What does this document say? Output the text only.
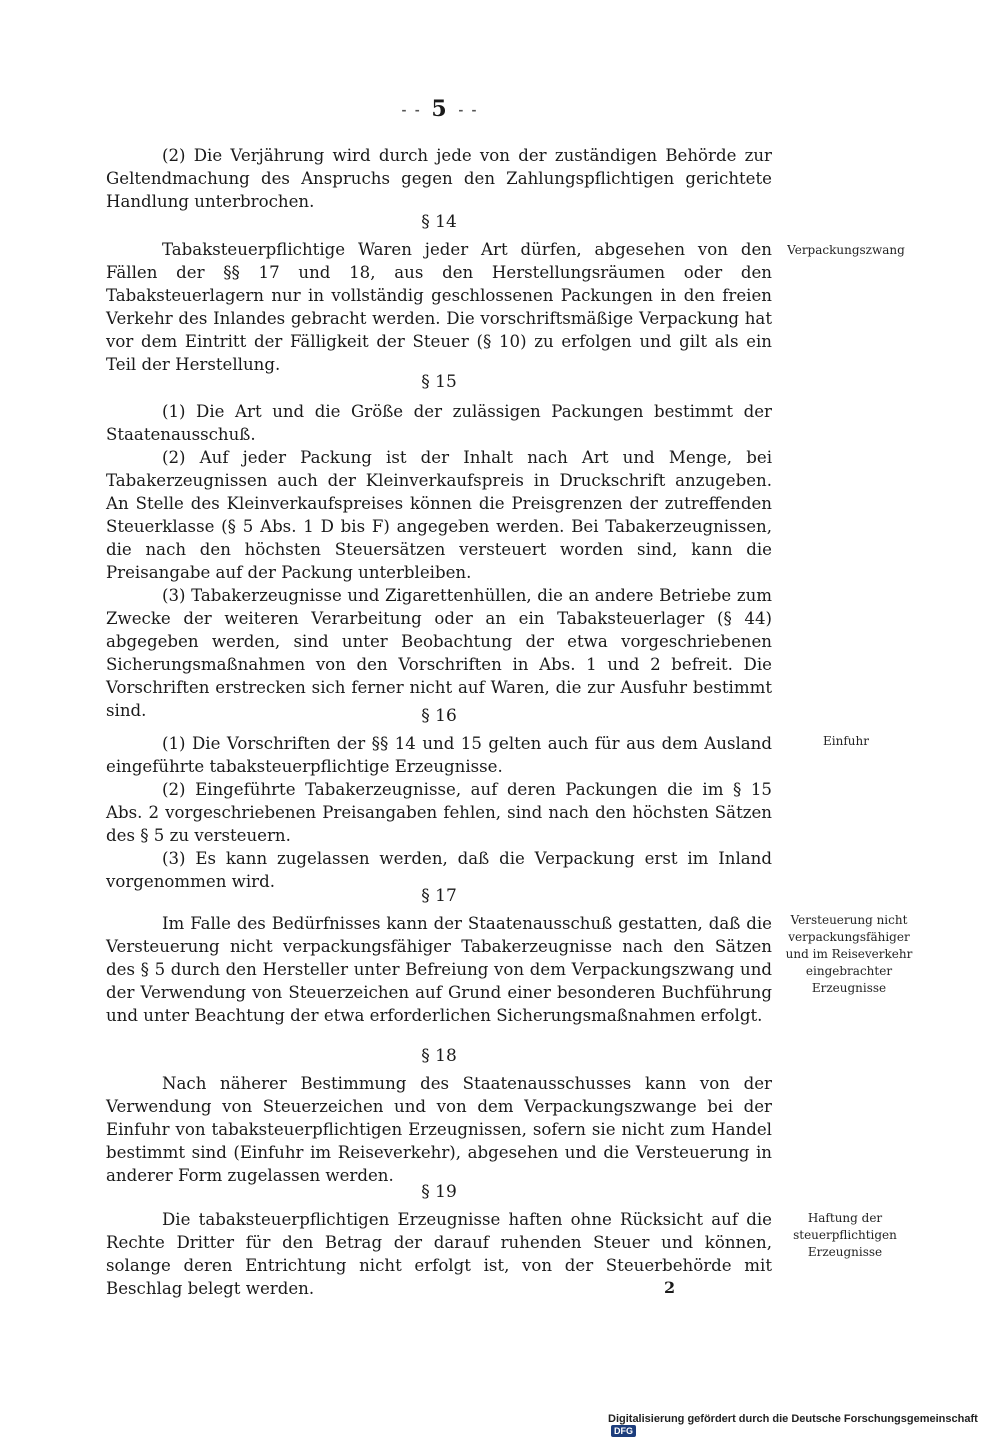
- - 5 - -

(2) Die Verjährung wird durch jede von der zuständigen Behörde zur Geltendmachung des Anspruchs gegen den Zahlungspflichtigen gerichtete Handlung unterbrochen.

§ 14

Tabaksteuerpflichtige Waren jeder Art dürfen, abgesehen von den Fällen der §§ 17 und 18, aus den Herstellungsräumen oder den Tabaksteuerlagern nur in vollständig geschlossenen Packungen in den freien Verkehr des Inlandes gebracht werden. Die vorschriftsmäßige Verpackung hat vor dem Eintritt der Fälligkeit der Steuer (§ 10) zu erfolgen und gilt als ein Teil der Herstellung.

§ 15

(1) Die Art und die Größe der zulässigen Packungen bestimmt der Staatenausschuß.

(2) Auf jeder Packung ist der Inhalt nach Art und Menge, bei Tabakerzeugnissen auch der Kleinverkaufspreis in Druckschrift anzugeben. An Stelle des Kleinverkaufspreises können die Preisgrenzen der zutreffenden Steuerklasse (§ 5 Abs. 1 D bis F) angegeben werden. Bei Tabakerzeugnissen, die nach den höchsten Steuersätzen versteuert worden sind, kann die Preisangabe auf der Packung unterbleiben.

(3) Tabakerzeugnisse und Zigarettenhüllen, die an andere Betriebe zum Zwecke der weiteren Verarbeitung oder an ein Tabaksteuerlager (§ 44) abgegeben werden, sind unter Beobachtung der etwa vorgeschriebenen Sicherungsmaßnahmen von den Vorschriften in Abs. 1 und 2 befreit. Die Vorschriften erstrecken sich ferner nicht auf Waren, die zur Ausfuhr bestimmt sind.	§ 16

(1) Die Vorschriften der §§ 14 und 15 gelten auch für aus dem Ausland eingeführte tabaksteuerpflichtige Erzeugnisse.

(2) Eingeführte Tabakerzeugnisse, auf deren Packungen die im § 15 Abs. 2 vorgeschriebenen Preisangaben fehlen, sind nach den höchsten Sätzen des § 5 zu versteuern.

(3) Es kann zugelassen werden, daß die Verpackung erst im Inland vorgenommen wird.

§ 17

Im Falle des Bedürfnisses kann der Staatenausschuß gestatten, daß die Versteuerung nicht verpackungsfähiger Tabakerzeugnisse nach den Sätzen des § 5 durch den Hersteller unter Befreiung von dem Verpackungszwang und der Verwendung von Steuerzeichen auf Grund einer besonderen Buchführung und unter Beachtung der etwa erforderlichen Sicherungsmaßnahmen erfolgt.

§ 18

Nach näherer Bestimmung des Staatenausschusses kann von der Verwendung von Steuerzeichen und von dem Verpackungszwange bei der Einfuhr von tabaksteuerpflichtigen Erzeugnissen, sofern sie nicht zum Handel bestimmt sind (Einfuhr im Reiseverkehr), abgesehen und die Versteuerung in anderer Form zugelassen werden.

§ 19

Die tabaksteuerpflichtigen Erzeugnisse haften ohne Rücksicht auf die Rechte Dritter für den Betrag der darauf ruhenden Steuer und können, solange deren Entrichtung nicht erfolgt ist, von der Steuerbehörde mit Beschlag belegt werden.

Verpackungszwang
Einfuhr
Versteuerung nicht verpackungsfähiger und im Reiseverkehr eingebrachter Erzeugnisse
Haftung der steuerpflichtigen Erzeugnisse
2
Digitalisierung gefördert durch die Deutsche Forschungsgemeinschaft DFG
